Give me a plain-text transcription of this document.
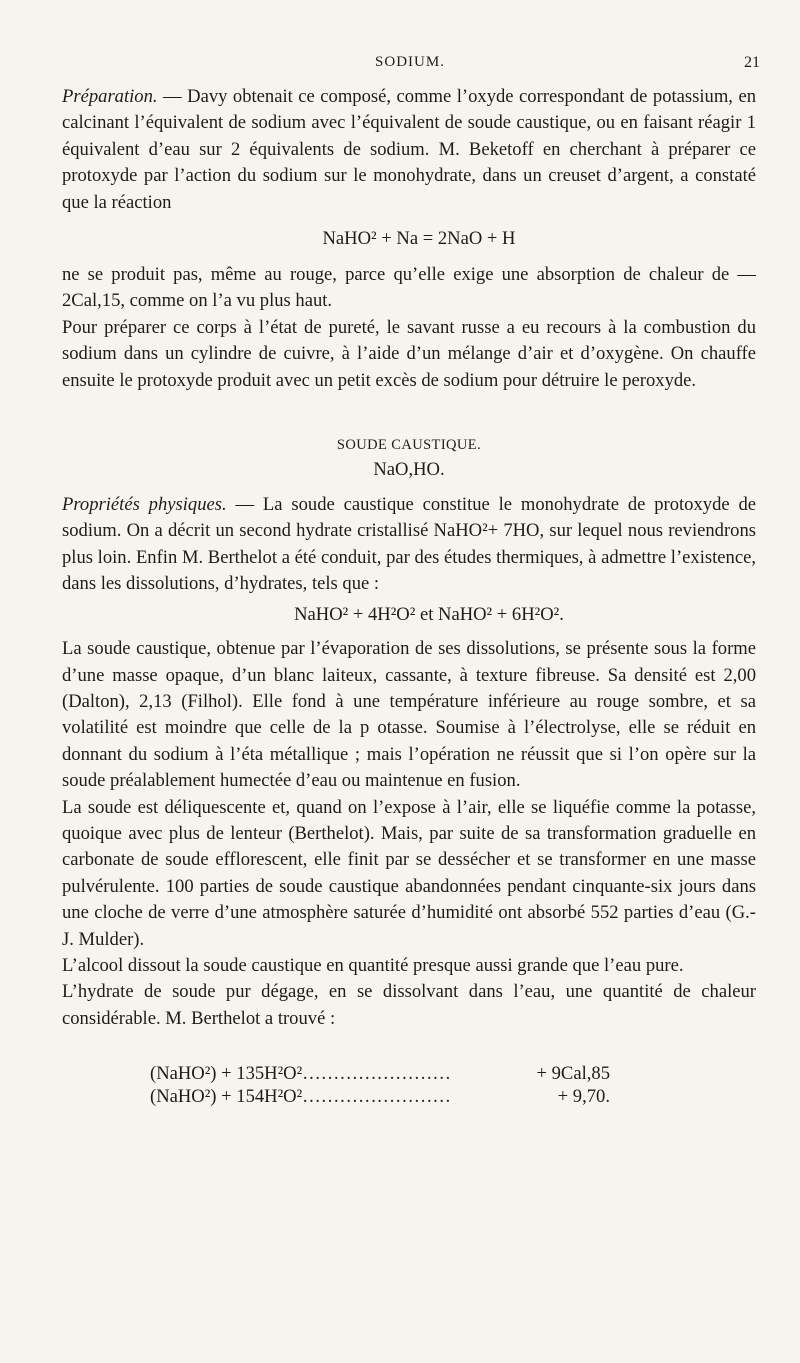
SODIUM.	21

Préparation. — Davy obtenait ce composé, comme l’oxyde correspondant de potassium, en calcinant l’équivalent de sodium avec l’équivalent de soude caustique, ou en faisant réagir 1 équivalent d’eau sur 2 équivalents de sodium. M. Beketoff en cherchant à préparer ce protoxyde par l’action du sodium sur le monohydrate, dans un creuset d’argent, a constaté que la réaction

NaHO² + Na = 2NaO + H

ne se produit pas, même au rouge, parce qu’elle exige une absorption de chaleur de —2Cal,15, comme on l’a vu plus haut.

Pour préparer ce corps à l’état de pureté, le savant russe a eu recours à la combustion du sodium dans un cylindre de cuivre, à l’aide d’un mélange d’air et d’oxygène. On chauffe ensuite le protoxyde produit avec un petit excès de sodium pour détruire le peroxyde.

SOUDE CAUSTIQUE.
NaO,HO.

Propriétés physiques. — La soude caustique constitue le monohydrate de protoxyde de sodium. On a décrit un second hydrate cristallisé NaHO²+ 7HO, sur lequel nous reviendrons plus loin. Enfin M. Berthelot a été conduit, par des études thermiques, à admettre l’existence, dans les dissolutions, d’hydrates, tels que :

NaHO² + 4H²O² et NaHO² + 6H²O².

La soude caustique, obtenue par l’évaporation de ses dissolutions, se présente sous la forme d’une masse opaque, d’un blanc laiteux, cassante, à texture fibreuse. Sa densité est 2,00 (Dalton), 2,13 (Filhol). Elle fond à une température inférieure au rouge sombre, et sa volatilité est moindre que celle de la p otasse. Soumise à l’électrolyse, elle se réduit en donnant du sodium à l’éta métallique ; mais l’opération ne réussit que si l’on opère sur la soude préalablement humectée d’eau ou maintenue en fusion.

La soude est déliquescente et, quand on l’expose à l’air, elle se liquéfie comme la potasse, quoique avec plus de lenteur (Berthelot). Mais, par suite de sa transformation graduelle en carbonate de soude efflorescent, elle finit par se dessécher et se transformer en une masse pulvérulente. 100 parties de soude caustique abandonnées pendant cinquante-six jours dans une cloche de verre d’une atmosphère saturée d’humidité ont absorbé 552 parties d’eau (G.-J. Mulder).

L’alcool dissout la soude caustique en quantité presque aussi grande que l’eau pure.

L’hydrate de soude pur dégage, en se dissolvant dans l’eau, une quantité de chaleur considérable. M. Berthelot a trouvé :

(NaHO²) + 135H²O²……………………	+ 9Cal,85
(NaHO²) + 154H²O²……………………	+ 9,70.
